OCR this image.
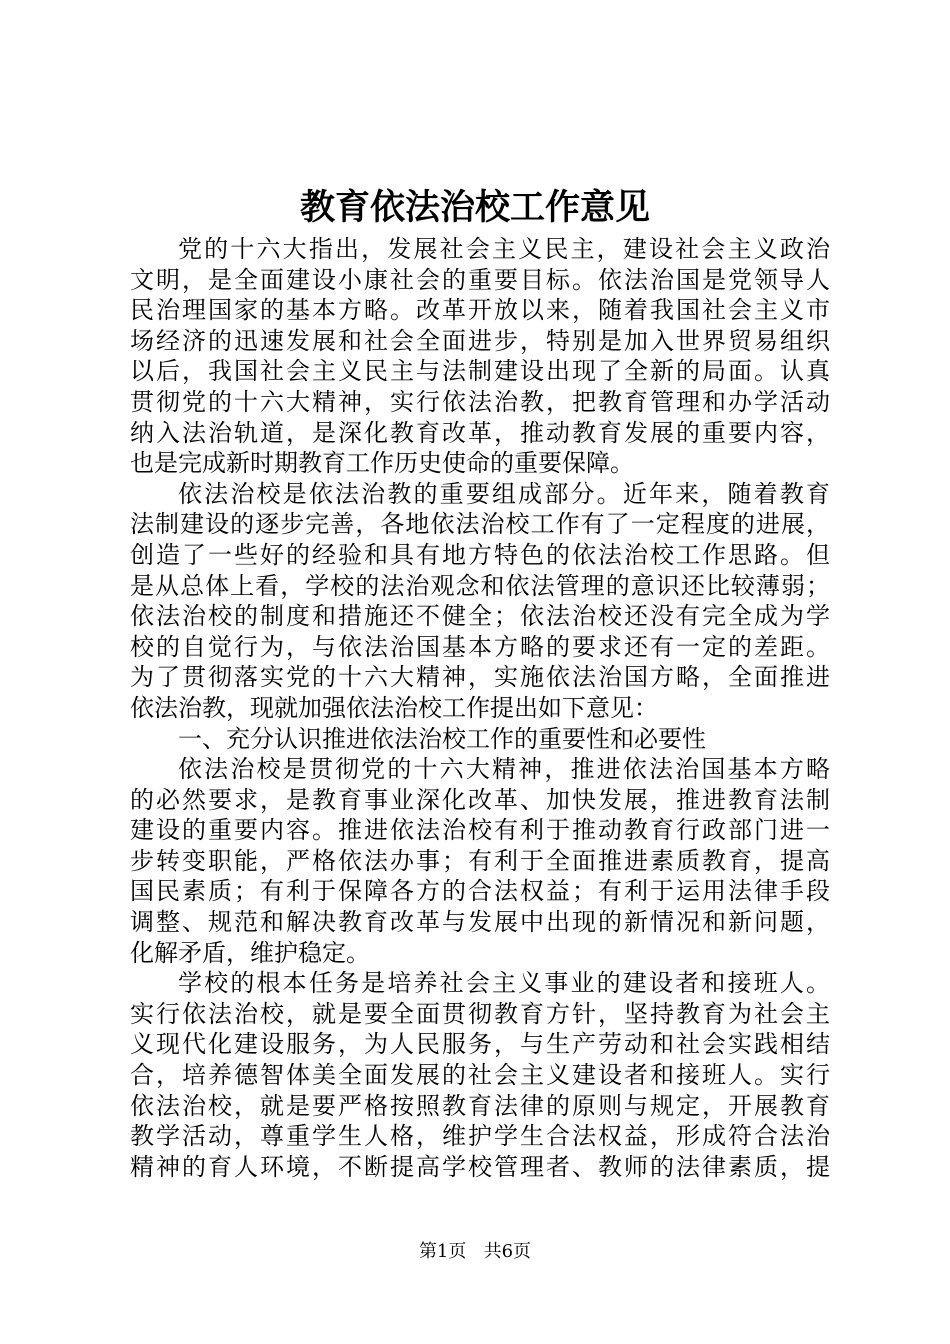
教育依法治校工作意见
党的十六大指出，发展社会主义民主，建设社会主义政治
文明，是全面建设小康社会的重要目标。依法治国是党领导人
民治理国家的基本方略。改革开放以来，随着我国社会主义市
场经济的迅速发展和社会全面进步，特别是加入世界贸易组织
以后，我国社会主义民主与法制建设出现了全新的局面。认真
贯彻党的十六大精神，实行依法治教，把教育管理和办学活动
纳入法治轨道，是深化教育改革，推动教育发展的重要内容，
也是完成新时期教育工作历史使命的重要保障。
依法治校是依法治教的重要组成部分。近年来，随着教育
法制建设的逐步完善，各地依法治校工作有了一定程度的进展，
创造了一些好的经验和具有地方特色的依法治校工作思路。但
是从总体上看，学校的法治观念和依法管理的意识还比较薄弱；
依法治校的制度和措施还不健全；依法治校还没有完全成为学
校的自觉行为，与依法治国基本方略的要求还有一定的差距。
为了贯彻落实党的十六大精神，实施依法治国方略，全面推进
依法治教，现就加强依法治校工作提出如下意见：
一、充分认识推进依法治校工作的重要性和必要性
依法治校是贯彻党的十六大精神，推进依法治国基本方略
的必然要求，是教育事业深化改革、加快发展，推进教育法制
建设的重要内容。推进依法治校有利于推动教育行政部门进一
步转变职能，严格依法办事；有利于全面推进素质教育，提高
国民素质；有利于保障各方的合法权益；有利于运用法律手段
调整、规范和解决教育改革与发展中出现的新情况和新问题，
化解矛盾，维护稳定。
学校的根本任务是培养社会主义事业的建设者和接班人。
实行依法治校，就是要全面贯彻教育方针，坚持教育为社会主
义现代化建设服务，为人民服务，与生产劳动和社会实践相结
合，培养德智体美全面发展的社会主义建设者和接班人。实行
依法治校，就是要严格按照教育法律的原则与规定，开展教育
教学活动，尊重学生人格，维护学生合法权益，形成符合法治
精神的育人环境，不断提高学校管理者、教师的法律素质，提
第1页 共6页
